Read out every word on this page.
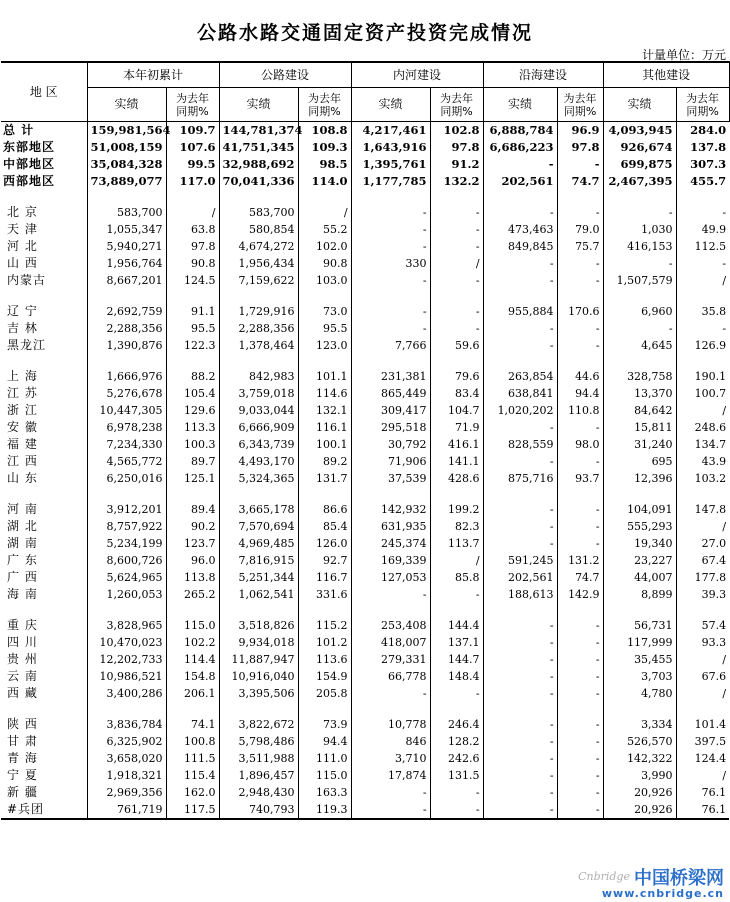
公路水路交通固定资产投资完成情况
计量单位：万元
地 区	本年初累计		公路建设		内河建设		沿海建设		其他建设	
	实绩	为去年
同期%	实绩	为去年
同期%	实绩	为去年
同期%	实绩	为去年
同期%	实绩	为去年
同期%
总 计	159,981,564	109.7	144,781,374	108.8	4,217,461	102.8	6,888,784	96.9	4,093,945	284.0
东部地区	51,008,159	107.6	41,751,345	109.3	1,643,916	97.8	6,686,223	97.8	926,674	137.8
中部地区	35,084,328	99.5	32,988,692	98.5	1,395,761	91.2	-	-	699,875	307.3
西部地区	73,889,077	117.0	70,041,336	114.0	1,177,785	132.2	202,561	74.7	2,467,395	455.7

北 京	583,700	/	583,700	/	-	-	-	-	-	-
天 津	1,055,347	63.8	580,854	55.2	-	-	473,463	79.0	1,030	49.9
河 北	5,940,271	97.8	4,674,272	102.0	-	-	849,845	75.7	416,153	112.5
山 西	1,956,764	90.8	1,956,434	90.8	330	/	-	-	-	-
内蒙古	8,667,201	124.5	7,159,622	103.0	-	-	-	-	1,507,579	/

辽 宁	2,692,759	91.1	1,729,916	73.0	-	-	955,884	170.6	6,960	35.8
吉 林	2,288,356	95.5	2,288,356	95.5	-	-	-	-	-	-
黑龙江	1,390,876	122.3	1,378,464	123.0	7,766	59.6	-	-	4,645	126.9

上 海	1,666,976	88.2	842,983	101.1	231,381	79.6	263,854	44.6	328,758	190.1
江 苏	5,276,678	105.4	3,759,018	114.6	865,449	83.4	638,841	94.4	13,370	100.7
浙 江	10,447,305	129.6	9,033,044	132.1	309,417	104.7	1,020,202	110.8	84,642	/
安 徽	6,978,238	113.3	6,666,909	116.1	295,518	71.9	-	-	15,811	248.6
福 建	7,234,330	100.3	6,343,739	100.1	30,792	416.1	828,559	98.0	31,240	134.7
江 西	4,565,772	89.7	4,493,170	89.2	71,906	141.1	-	-	695	43.9
山 东	6,250,016	125.1	5,324,365	131.7	37,539	428.6	875,716	93.7	12,396	103.2

河 南	3,912,201	89.4	3,665,178	86.6	142,932	199.2	-	-	104,091	147.8
湖 北	8,757,922	90.2	7,570,694	85.4	631,935	82.3	-	-	555,293	/
湖 南	5,234,199	123.7	4,969,485	126.0	245,374	113.7	-	-	19,340	27.0
广 东	8,600,726	96.0	7,816,915	92.7	169,339	/	591,245	131.2	23,227	67.4
广 西	5,624,965	113.8	5,251,344	116.7	127,053	85.8	202,561	74.7	44,007	177.8
海 南	1,260,053	265.2	1,062,541	331.6	-	-	188,613	142.9	8,899	39.3

重 庆	3,828,965	115.0	3,518,826	115.2	253,408	144.4	-	-	56,731	57.4
四 川	10,470,023	102.2	9,934,018	101.2	418,007	137.1	-	-	117,999	93.3
贵 州	12,202,733	114.4	11,887,947	113.6	279,331	144.7	-	-	35,455	/
云 南	10,986,521	154.8	10,916,040	154.9	66,778	148.4	-	-	3,703	67.6
西 藏	3,400,286	206.1	3,395,506	205.8	-	-	-	-	4,780	/

陕 西	3,836,784	74.1	3,822,672	73.9	10,778	246.4	-	-	3,334	101.4
甘 肃	6,325,902	100.8	5,798,486	94.4	846	128.2	-	-	526,570	397.5
青 海	3,658,020	111.5	3,511,988	111.0	3,710	242.6	-	-	142,322	124.4
宁 夏	1,918,321	115.4	1,896,457	115.0	17,874	131.5	-	-	3,990	/
新 疆	2,969,356	162.0	2,948,430	163.3	-	-	-	-	20,926	76.1
#兵团	761,719	117.5	740,793	119.3	-	-	-	-	20,926	76.1
Cnbridge 中国桥梁网
www.cnbridge.cn
